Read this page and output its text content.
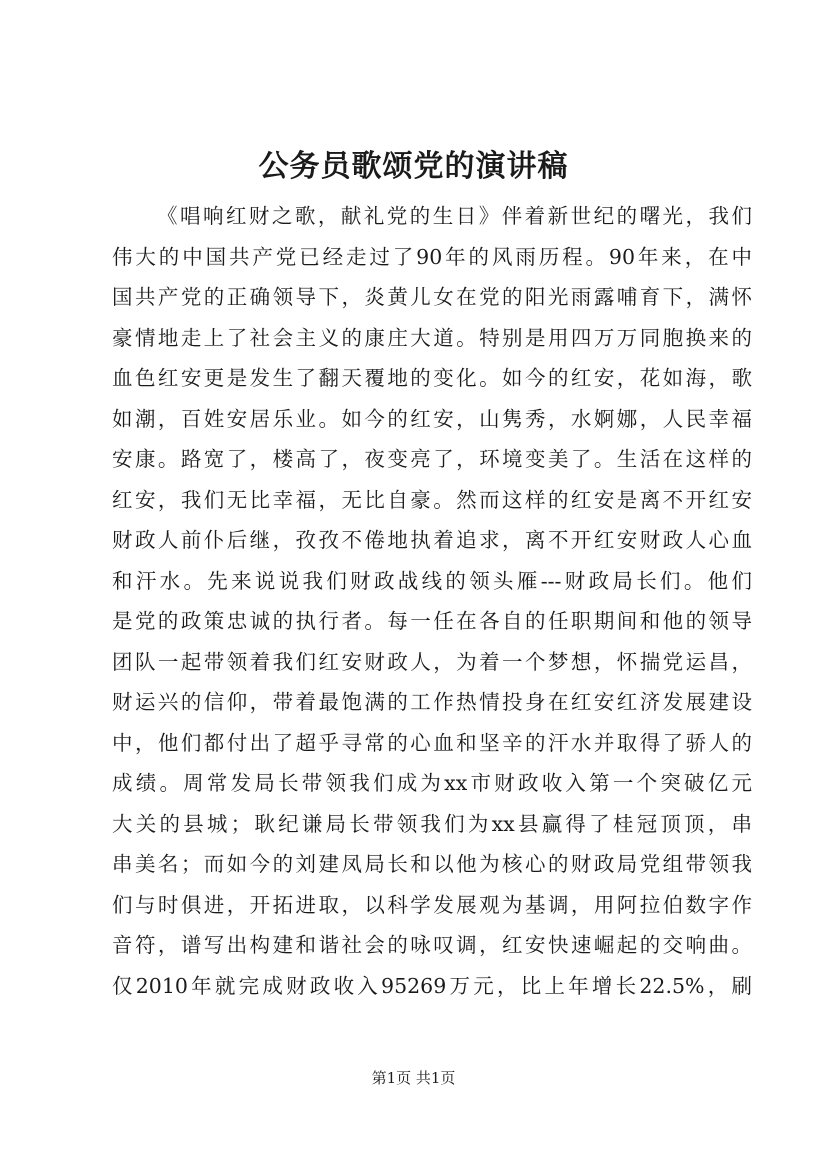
公务员歌颂党的演讲稿
《唱响红财之歌，献礼党的生日》伴着新世纪的曙光，我们
伟大的中国共产党已经走过了90年的风雨历程。90年来，在中
国共产党的正确领导下，炎黄儿女在党的阳光雨露哺育下，满怀
豪情地走上了社会主义的康庄大道。特别是用四万万同胞换来的
血色红安更是发生了翻天覆地的变化。如今的红安，花如海，歌
如潮，百姓安居乐业。如今的红安，山隽秀，水婀娜，人民幸福
安康。路宽了，楼高了，夜变亮了，环境变美了。生活在这样的
红安，我们无比幸福，无比自豪。然而这样的红安是离不开红安
财政人前仆后继，孜孜不倦地执着追求，离不开红安财政人心血
和汗水。先来说说我们财政战线的领头雁---财政局长们。他们
是党的政策忠诚的执行者。每一任在各自的任职期间和他的领导
团队一起带领着我们红安财政人，为着一个梦想，怀揣党运昌，
财运兴的信仰，带着最饱满的工作热情投身在红安红济发展建设
中，他们都付出了超乎寻常的心血和坚辛的汗水并取得了骄人的
成绩。周常发局长带领我们成为xx市财政收入第一个突破亿元
大关的县城；耿纪谦局长带领我们为xx县赢得了桂冠顶顶，串
串美名；而如今的刘建凤局长和以他为核心的财政局党组带领我
们与时俱进，开拓进取，以科学发展观为基调，用阿拉伯数字作
音符，谱写出构建和谐社会的咏叹调，红安快速崛起的交响曲。
仅2010年就完成财政收入95269万元，比上年增长22.5%，刷
第1页 共1页
